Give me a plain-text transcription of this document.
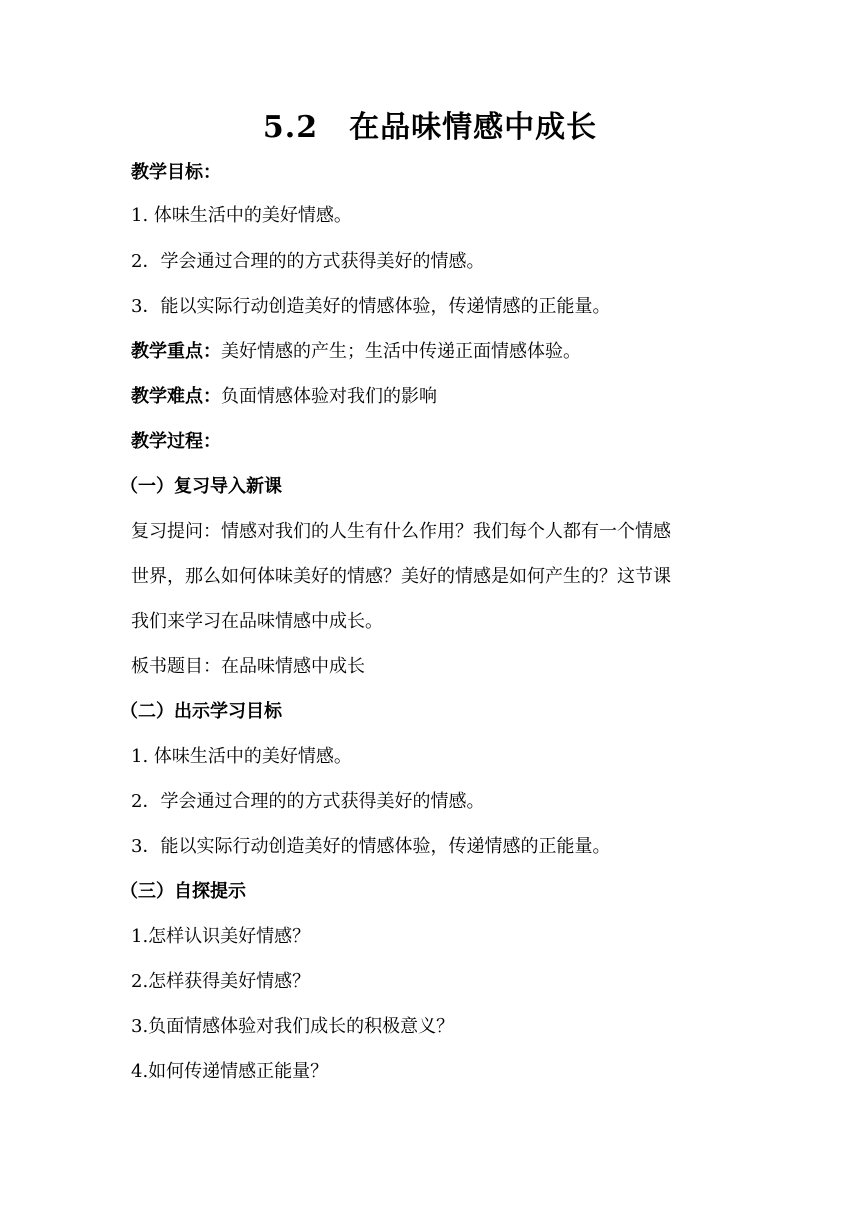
5.2　在品味情感中成长
教学目标：
1. 体味生活中的美好情感。
2．学会通过合理的的方式获得美好的情感。
3．能以实际行动创造美好的情感体验，传递情感的正能量。
教学重点：美好情感的产生；生活中传递正面情感体验。
教学难点：负面情感体验对我们的影响
教学过程：
（一）复习导入新课
复习提问：情感对我们的人生有什么作用？我们每个人都有一个情感
世界，那么如何体味美好的情感？美好的情感是如何产生的？这节课
我们来学习在品味情感中成长。
板书题目：在品味情感中成长
（二）出示学习目标
1. 体味生活中的美好情感。
2．学会通过合理的的方式获得美好的情感。
3．能以实际行动创造美好的情感体验，传递情感的正能量。
（三）自探提示
1.怎样认识美好情感？
2.怎样获得美好情感？
3.负面情感体验对我们成长的积极意义？
4.如何传递情感正能量？
